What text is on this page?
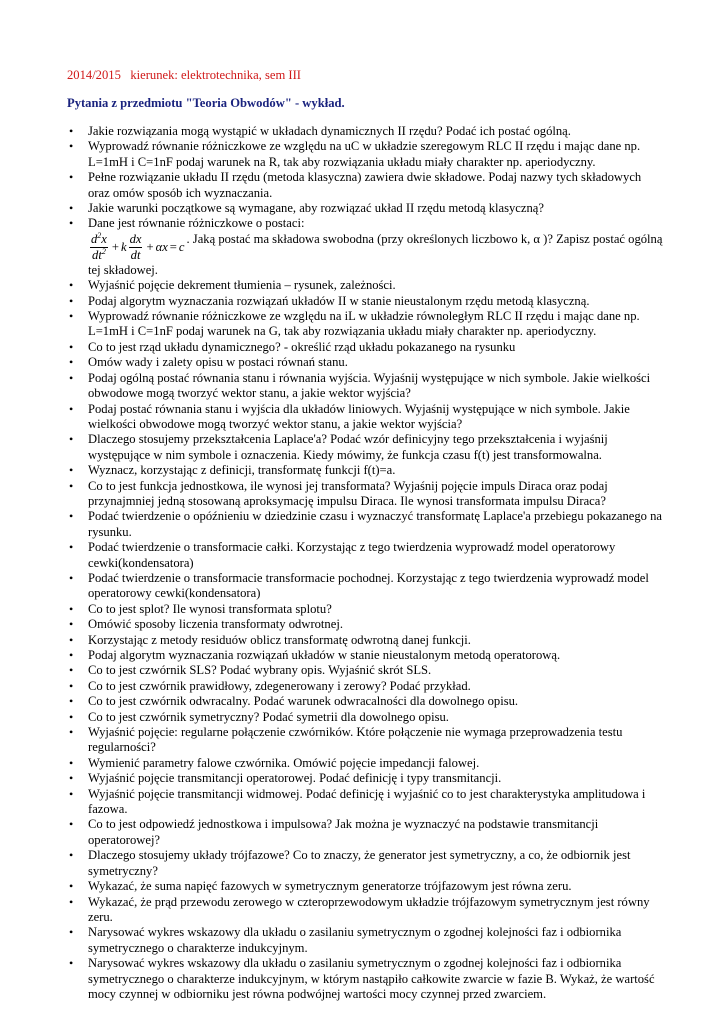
2014/2015 kierunek: elektrotechnika, sem III
Pytania z przedmiotu "Teoria Obwodów" - wykład.
• Jakie rozwiązania mogą wystąpić w układach dynamicznych II rzędu? Podać ich postać ogólną.
• Wyprowadź równanie różniczkowe ze względu na uC w układzie szeregowym RLC II rzędu i mając dane np. L=1mH i C=1nF podaj warunek na R, tak aby rozwiązania układu miały charakter np. aperiodyczny.
• Pełne rozwiązanie układu II rzędu (metoda klasyczna) zawiera dwie składowe. Podaj nazwy tych składowych oraz omów sposób ich wyznaczania.
• Jakie warunki początkowe są wymagane, aby rozwiązać układ II rzędu metodą klasyczną?
• Dane jest równanie różniczkowe o postaci:
$\frac{d^2x}{dt^2} + k \frac{dx}{dt} + \alpha x = c$
. Jaką postać ma składowa swobodna (przy określonych liczbowo k, α )? Zapisz postać ogólną tej składowej.
• Wyjaśnić pojęcie dekrement tłumienia – rysunek, zależności.
• Podaj algorytm wyznaczania rozwiązań układów II w stanie nieustalonym rzędu metodą klasyczną.
• Wyprowadź równanie różniczkowe ze względu na iL w układzie równoległym RLC II rzędu i mając dane np. L=1mH i C=1nF podaj warunek na G, tak aby rozwiązania układu miały charakter np. aperiodyczny.
• Co to jest rząd układu dynamicznego? - określić rząd układu pokazanego na rysunku
• Omów wady i zalety opisu w postaci równań stanu.
• Podaj ogólną postać równania stanu i równania wyjścia. Wyjaśnij występujące w nich symbole. Jakie wielkości obwodowe mogą tworzyć wektor stanu, a jakie wektor wyjścia?
• Podaj postać równania stanu i wyjścia dla układów liniowych. Wyjaśnij występujące w nich symbole. Jakie wielkości obwodowe mogą tworzyć wektor stanu, a jakie wektor wyjścia?
• Dlaczego stosujemy przekształcenia Laplace'a? Podać wzór definicyjny tego przekształcenia i wyjaśnij występujące w nim symbole i oznaczenia. Kiedy mówimy, że funkcja czasu f(t) jest transformowalna.
• Wyznacz, korzystając z definicji, transformatę funkcji f(t)=a.
• Co to jest funkcja jednostkowa, ile wynosi jej transformata? Wyjaśnij pojęcie impuls Diraca oraz podaj przynajmniej jedną stosowaną aproksymację impulsu Diraca. Ile wynosi transformata impulsu Diraca?
• Podać twierdzenie o opóźnieniu w dziedzinie czasu i wyznaczyć transformatę Laplace'a przebiegu pokazanego na rysunku.
• Podać twierdzenie o transformacie całki. Korzystając z tego twierdzenia wyprowadź model operatorowy cewki(kondensatora)
• Podać twierdzenie o transformacie transformacie pochodnej. Korzystając z tego twierdzenia wyprowadź model operatorowy cewki(kondensatora)
• Co to jest splot? Ile wynosi transformata splotu?
• Omówić sposoby liczenia transformaty odwrotnej.
• Korzystając z metody residuów oblicz transformatę odwrotną danej funkcji.
• Podaj algorytm wyznaczania rozwiązań układów w stanie nieustalonym metodą operatorową.
• Co to jest czwórnik SLS? Podać wybrany opis. Wyjaśnić skrót SLS.
• Co to jest czwórnik prawidłowy, zdegenerowany i zerowy? Podać przykład.
• Co to jest czwórnik odwracalny. Podać warunek odwracalności dla dowolnego opisu.
• Co to jest czwórnik symetryczny? Podać symetrii dla dowolnego opisu.
• Wyjaśnić pojęcie: regularne połączenie czwórników. Które połączenie nie wymaga przeprowadzenia testu regularności?
• Wymienić parametry falowe czwórnika. Omówić pojęcie impedancji falowej.
• Wyjaśnić pojęcie transmitancji operatorowej. Podać definicję i typy transmitancji.
• Wyjaśnić pojęcie transmitancji widmowej. Podać definicję i wyjaśnić co to jest charakterystyka amplitudowa i fazowa.
• Co to jest odpowiedź jednostkowa i impulsowa? Jak można je wyznaczyć na podstawie transmitancji operatorowej?
• Dlaczego stosujemy układy trójfazowe? Co to znaczy, że generator jest symetryczny, a co, że odbiornik jest symetryczny?
• Wykazać, że suma napięć fazowych w symetrycznym generatorze trójfazowym jest równa zeru.
• Wykazać, że prąd przewodu zerowego w czteroprzewodowym układzie trójfazowym symetrycznym jest równy zeru.
• Narysować wykres wskazowy dla układu o zasilaniu symetrycznym o zgodnej kolejności faz i odbiornika symetrycznego o charakterze indukcyjnym.
• Narysować wykres wskazowy dla układu o zasilaniu symetrycznym o zgodnej kolejności faz i odbiornika symetrycznego o charakterze indukcyjnym, w którym nastąpiło całkowite zwarcie w fazie B. Wykaż, że wartość mocy czynnej w odbiorniku jest równa podwójnej wartości mocy czynnej przed zwarciem.
